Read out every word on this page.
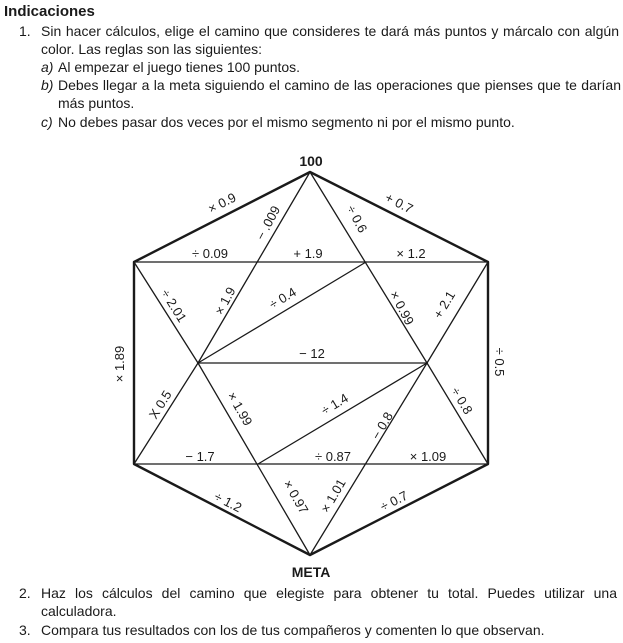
Indicaciones
1. Sin hacer cálculos, elige el camino que consideres te dará más puntos y márcalo con algún color. Las reglas son las siguientes:
a) Al empezar el juego tienes 100 puntos.
b) Debes llegar a la meta siguiendo el camino de las operaciones que pienses que te darían más puntos.
c) No debes pasar dos veces por el mismo segmento ni por el mismo punto.
100
META
× 0.9	+ 0.7
× 1.89	÷ 0.5
÷ 1.2	÷ 0.7
÷ 0.09	+ 1.9	× 1.2
− 12
− 1.7	÷ 0.87	× 1.09
− .009	÷ 0.6
× 1.9	× 0.99
÷ 2.01	+ 2.1
÷ 0.4
÷ 1.4
X 0.5	÷ 0.8
× 1.99	− 0.8
× 0.97 × 1.01
2. Haz los cálculos del camino que elegiste para obtener tu total. Puedes utilizar una calculadora.
3. Compara tus resultados con los de tus compañeros y comenten lo que observan.
